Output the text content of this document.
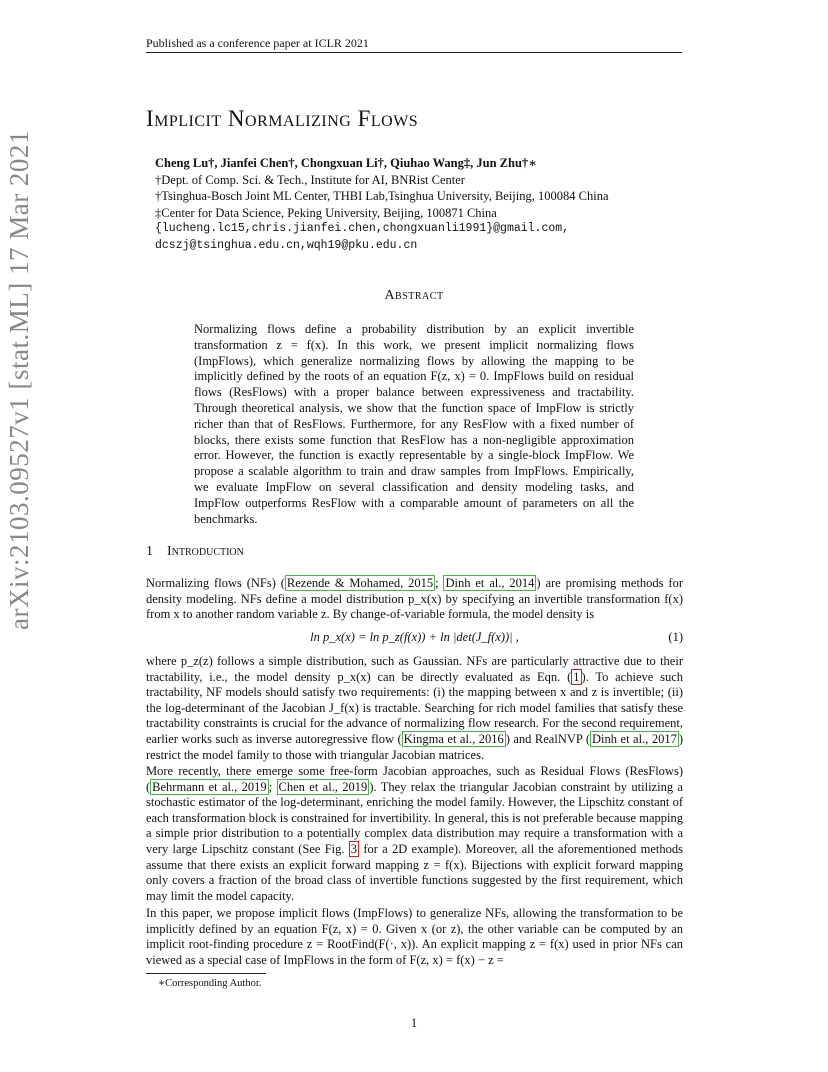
Published as a conference paper at ICLR 2021
Implicit Normalizing Flows
Cheng Lu†, Jianfei Chen†, Chongxuan Li†, Qiuhao Wang‡, Jun Zhu†∗
†Dept. of Comp. Sci. & Tech., Institute for AI, BNRist Center
†Tsinghua-Bosch Joint ML Center, THBI Lab,Tsinghua University, Beijing, 100084 China
‡Center for Data Science, Peking University, Beijing, 100871 China
{lucheng.lc15,chris.jianfei.chen,chongxuanli1991}@gmail.com,
dcszj@tsinghua.edu.cn,wqh19@pku.edu.cn
arXiv:2103.09527v1 [stat.ML] 17 Mar 2021	Abstract
Normalizing flows define a probability distribution by an explicit invertible transformation z = f(x). In this work, we present implicit normalizing flows (ImpFlows), which generalize normalizing flows by allowing the mapping to be implicitly defined by the roots of an equation F(z, x) = 0. ImpFlows build on residual flows (ResFlows) with a proper balance between expressiveness and tractability. Through theoretical analysis, we show that the function space of ImpFlow is strictly richer than that of ResFlows. Furthermore, for any ResFlow with a fixed number of blocks, there exists some function that ResFlow has a non-negligible approximation error. However, the function is exactly representable by a single-block ImpFlow. We propose a scalable algorithm to train and draw samples from ImpFlows. Empirically, we evaluate ImpFlow on several classification and density modeling tasks, and ImpFlow outperforms ResFlow with a comparable amount of parameters on all the benchmarks.
1 Introduction
Normalizing flows (NFs) ( Rezende & Mohamed, 2015 ; Dinh et al., 2014 ) are promising methods for density modeling. NFs define a model distribution p_x(x) by specifying an invertible transformation f(x) from x to another random variable z. By change-of-variable formula, the model density is
ln p_x(x) = ln p_z(f(x)) + ln |det(J_f(x))| ,	(1)
where p_z(z) follows a simple distribution, such as Gaussian. NFs are particularly attractive due to their tractability, i.e., the model density p_x(x) can be directly evaluated as Eqn. ( 1 ). To achieve such tractability, NF models should satisfy two requirements: (i) the mapping between x and z is invertible; (ii) the log-determinant of the Jacobian J_f(x) is tractable. Searching for rich model families that satisfy these tractability constraints is crucial for the advance of normalizing flow research. For the second requirement, earlier works such as inverse autoregressive flow ( Kingma et al., 2016 ) and RealNVP ( Dinh et al., 2017 ) restrict the model family to those with triangular Jacobian matrices.
More recently, there emerge some free-form Jacobian approaches, such as Residual Flows (ResFlows) ( Behrmann et al., 2019 ; Chen et al., 2019 ). They relax the triangular Jacobian constraint by utilizing a stochastic estimator of the log-determinant, enriching the model family. However, the Lipschitz constant of each transformation block is constrained for invertibility. In general, this is not preferable because mapping a simple prior distribution to a potentially complex data distribution may require a transformation with a very large Lipschitz constant (See Fig. 3 for a 2D example). Moreover, all the aforementioned methods assume that there exists an explicit forward mapping z = f(x). Bijections with explicit forward mapping only covers a fraction of the broad class of invertible functions suggested by the first requirement, which may limit the model capacity.
In this paper, we propose implicit flows (ImpFlows) to generalize NFs, allowing the transformation to be implicitly defined by an equation F(z, x) = 0. Given x (or z), the other variable can be computed by an implicit root-finding procedure z = RootFind(F(·, x)). An explicit mapping z = f(x) used in prior NFs can viewed as a special case of ImpFlows in the form of F(z, x) = f(x) − z =
∗Corresponding Author.
1
